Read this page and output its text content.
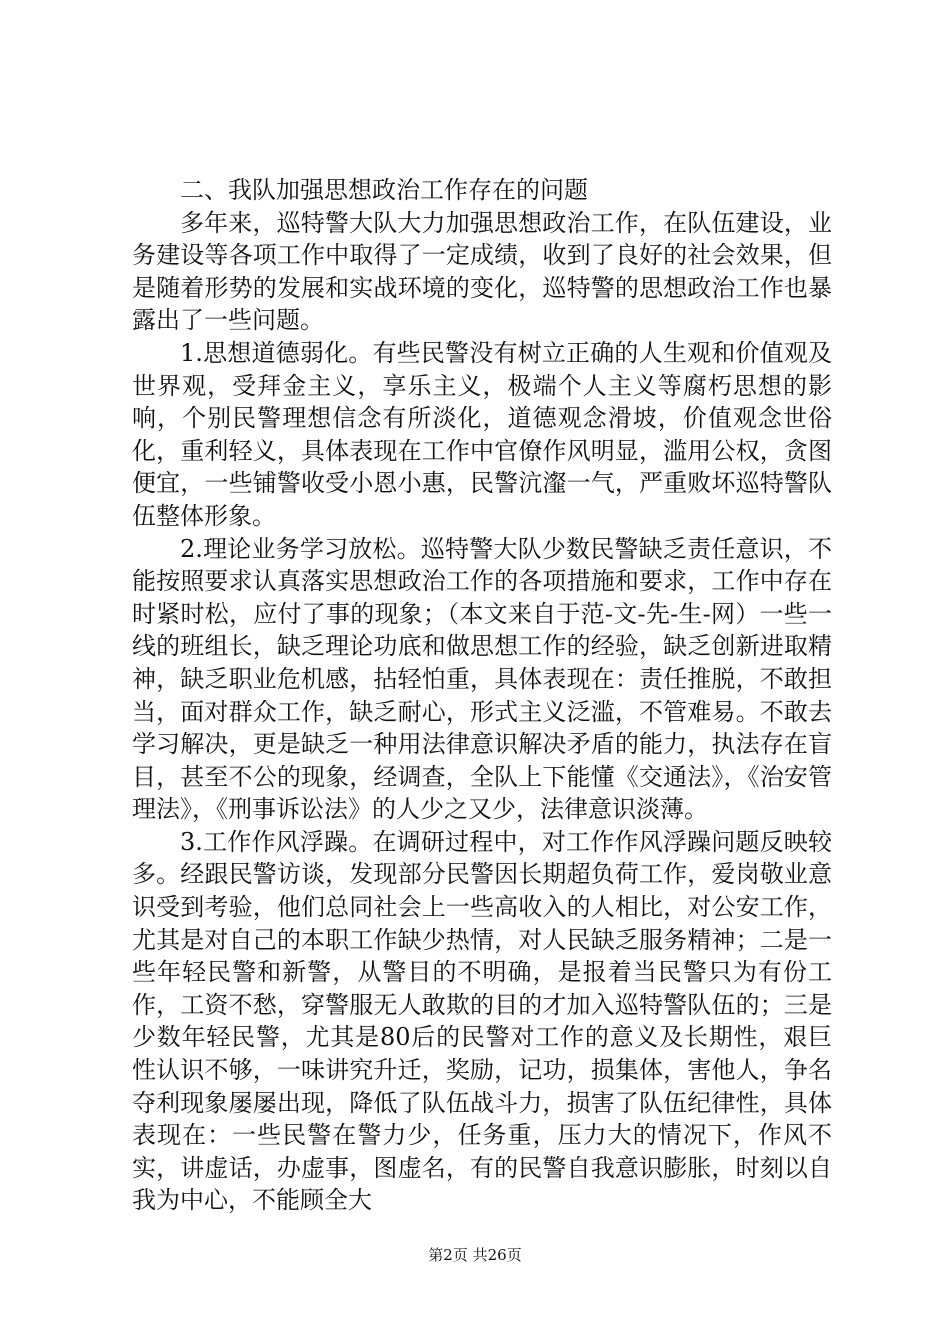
二、我队加强思想政治工作存在的问题

多年来，巡特警大队大力加强思想政治工作，在队伍建设，业务建设等各项工作中取得了一定成绩，收到了良好的社会效果，但是随着形势的发展和实战环境的变化，巡特警的思想政治工作也暴露出了一些问题。

1.思想道德弱化。有些民警没有树立正确的人生观和价值观及世界观，受拜金主义，享乐主义，极端个人主义等腐朽思想的影响，个别民警理想信念有所淡化，道德观念滑坡，价值观念世俗化，重利轻义，具体表现在工作中官僚作风明显，滥用公权，贪图便宜，一些铺警收受小恩小惠，民警沆瀣一气，严重败坏巡特警队伍整体形象。

2.理论业务学习放松。巡特警大队少数民警缺乏责任意识，不能按照要求认真落实思想政治工作的各项措施和要求，工作中存在时紧时松，应付了事的现象；（本文来自于范-文-先-生-网）一些一线的班组长，缺乏理论功底和做思想工作的经验，缺乏创新进取精神，缺乏职业危机感，拈轻怕重，具体表现在：责任推脱，不敢担当，面对群众工作，缺乏耐心，形式主义泛滥，不管难易。不敢去学习解决，更是缺乏一种用法律意识解决矛盾的能力，执法存在盲目，甚至不公的现象，经调查，全队上下能懂《交通法》，《治安管理法》，《刑事诉讼法》的人少之又少，法律意识淡薄。

3.工作作风浮躁。在调研过程中，对工作作风浮躁问题反映较多。经跟民警访谈，发现部分民警因长期超负荷工作，爱岗敬业意识受到考验，他们总同社会上一些高收入的人相比，对公安工作，尤其是对自己的本职工作缺少热情，对人民缺乏服务精神；二是一些年轻民警和新警，从警目的不明确，是报着当民警只为有份工作，工资不愁，穿警服无人敢欺的目的才加入巡特警队伍的；三是少数年轻民警，尤其是80后的民警对工作的意义及长期性，艰巨性认识不够，一味讲究升迁，奖励，记功，损集体，害他人，争名夺利现象屡屡出现，降低了队伍战斗力，损害了队伍纪律性，具体表现在：一些民警在警力少，任务重，压力大的情况下，作风不实，讲虚话，办虚事，图虚名，有的民警自我意识膨胀，时刻以自我为中心，不能顾全大

第2页 共26页
